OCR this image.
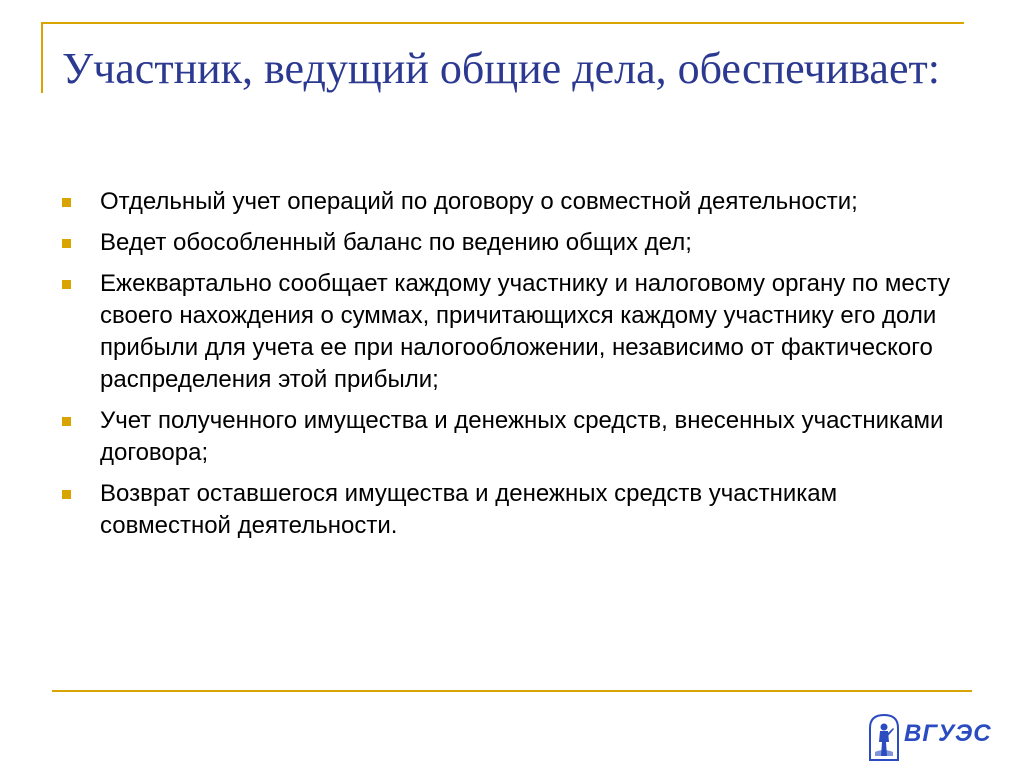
Участник, ведущий общие дела, обеспечивает:
Отдельный учет операций по договору о совместной деятельности;
Ведет обособленный баланс по ведению общих дел;
Ежеквартально сообщает каждому участнику и налоговому органу по месту своего нахождения о суммах, причитающихся каждому участнику его доли прибыли для учета ее при налогообложении, независимо от фактического распределения этой прибыли;
Учет полученного имущества и денежных средств, внесенных участниками договора;
Возврат оставшегося имущества и денежных средств участникам совместной деятельности.
ВГУЭС
